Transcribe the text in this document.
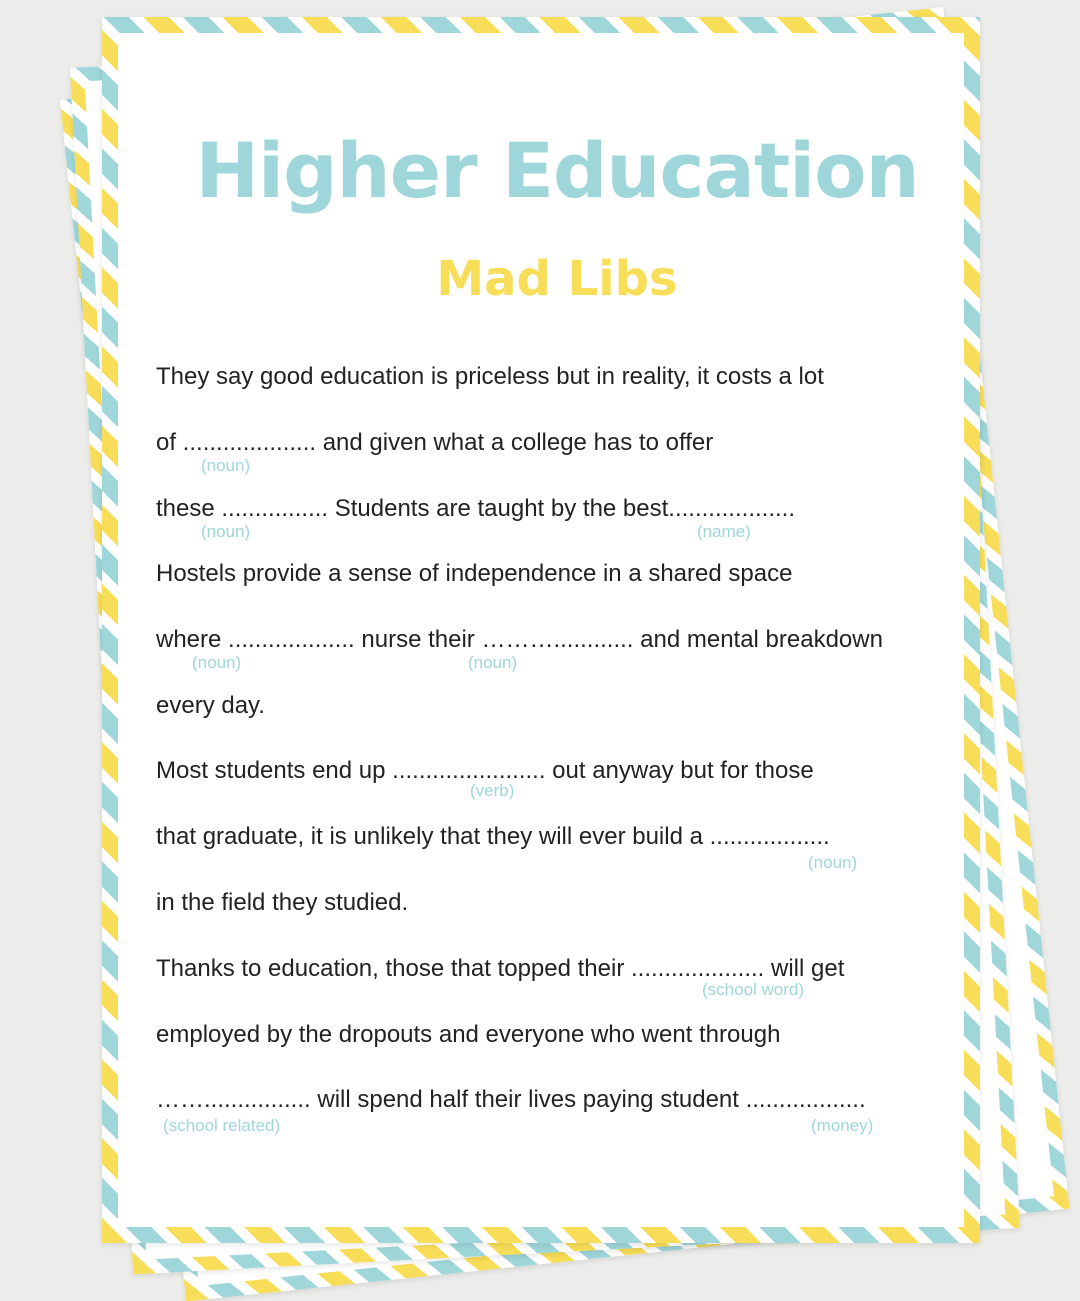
Higher Education
Mad Libs
They say good education is priceless but in reality, it costs a lot
of .................... and given what a college has to offer
these ................ Students are taught by the best...................
Hostels provide a sense of independence in a shared space
where ................... nurse their ………............ and mental breakdown
every day.
Most students end up ....................... out anyway but for those
that graduate, it is unlikely that they will ever build a ..................
in the field they studied.
Thanks to education, those that topped their .................... will get
employed by the dropouts and everyone who went through
……................ will spend half their lives paying student ..................
(noun)
(noun)	(name)
(noun)	(noun)
(verb)
(noun)
(school word)
(school related)	(money)
